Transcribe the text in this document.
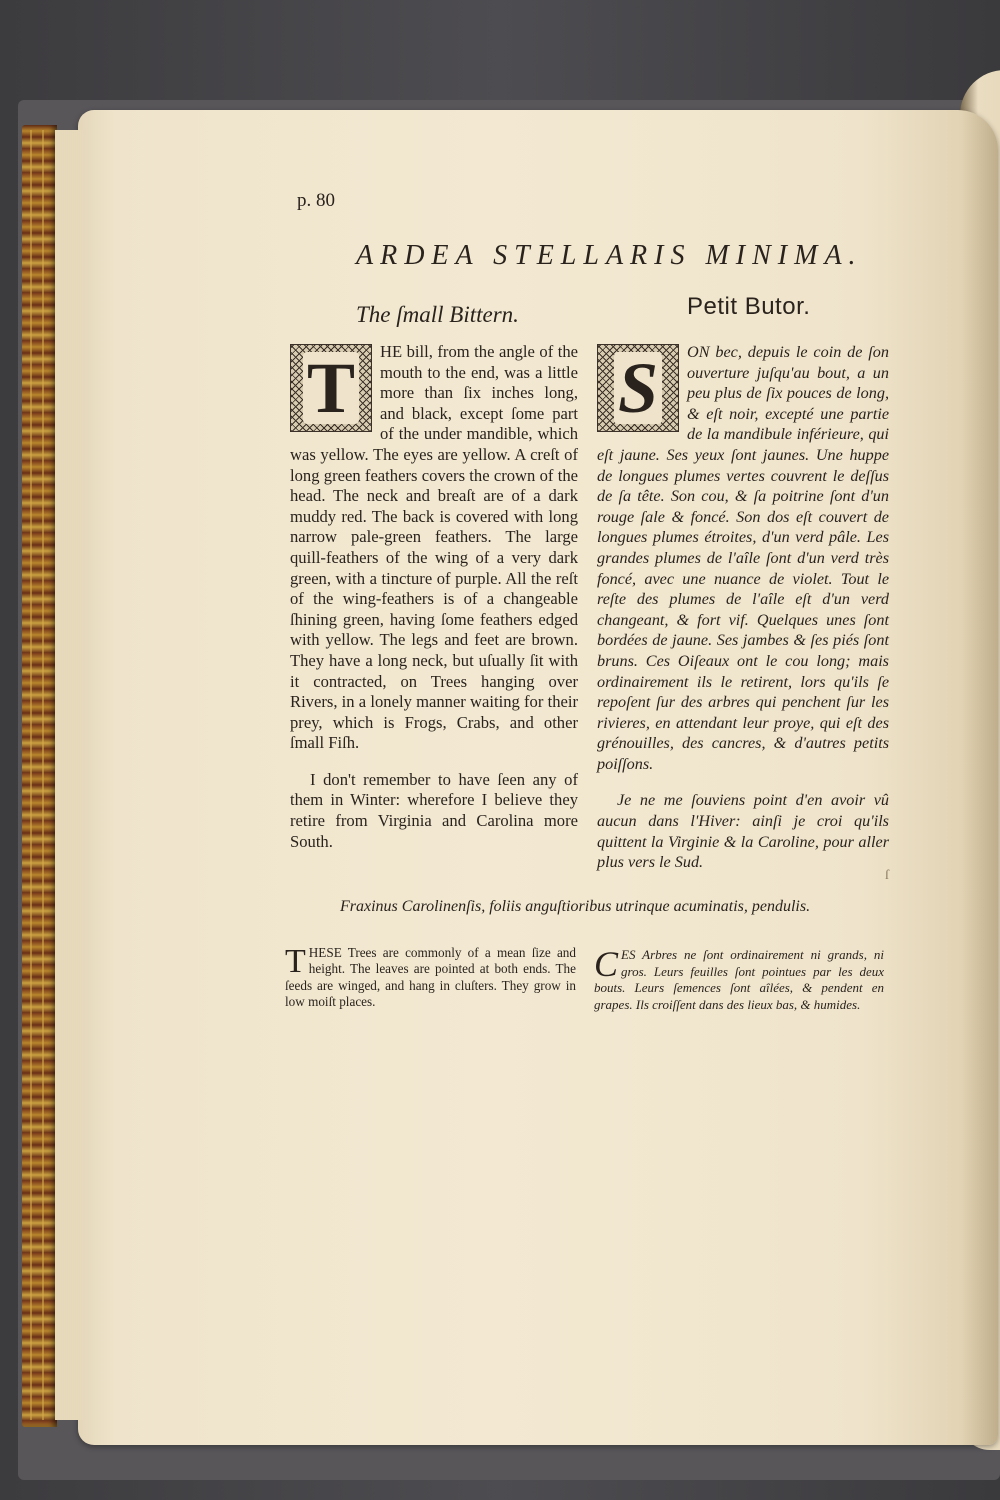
p. 80
ARDEA STELLARIS MINIMA.
The ſmall Bittern.	Petit Butor.
T	HE bill, from the angle of the mouth to the end, was a little more than ſix inches long, and black, except ſome part of the under mandible, which was yellow. The eyes are yellow. A creſt of long green feathers covers the crown of the head. The neck and breaſt are of a dark muddy red. The back is covered with long narrow pale-green feathers. The large quill-feathers of the wing of a very dark green, with a tincture of purple. All the reſt of the wing-feathers is of a changeable ſhining green, having ſome feathers edged with yellow. The legs and feet are brown. They have a long neck, but uſually ſit with it contracted, on Trees hanging over Rivers, in a lonely manner waiting for their prey, which is Frogs, Crabs, and other ſmall Fiſh.

I don't remember to have ſeen any of them in Winter: wherefore I believe they retire from Virginia and Carolina more South.

S	ON bec, depuis le coin de ſon ouverture juſqu'au bout, a un peu plus de ſix pouces de long, & eſt noir, excepté une partie de la mandibule inférieure, qui eſt jaune. Ses yeux ſont jaunes. Une huppe de longues plumes vertes couvrent le deſſus de ſa tête. Son cou, & ſa poitrine ſont d'un rouge ſale & foncé. Son dos eſt couvert de longues plumes étroites, d'un verd pâle. Les grandes plumes de l'aîle ſont d'un verd très foncé, avec une nuance de violet. Tout le reſte des plumes de l'aîle eſt d'un verd changeant, & fort vif. Quelques unes ſont bordées de jaune. Ses jambes & ſes piés ſont bruns. Ces Oiſeaux ont le cou long; mais ordinairement ils le retirent, lors qu'ils ſe repoſent ſur des arbres qui penchent ſur les rivieres, en attendant leur proye, qui eſt des grénouilles, des cancres, & d'autres petits poiſſons.

Je ne me ſouviens point d'en avoir vû aucun dans l'Hiver: ainſi je croi qu'ils quittent la Virginie & la Caroline, pour aller plus vers le Sud.

ſ
Fraxinus Carolinenſis, foliis anguſtioribus utrinque acuminatis, pendulis.
T HESE Trees are commonly of a mean ſize and height. The leaves are pointed at both ends. The ſeeds are winged, and hang in cluſters. They grow in low moiſt places.

C ES Arbres ne ſont ordinairement ni grands, ni gros. Leurs feuilles ſont pointues par les deux bouts. Leurs ſemences ſont aîlées, & pendent en grapes. Ils croiſſent dans des lieux bas, & humides.
